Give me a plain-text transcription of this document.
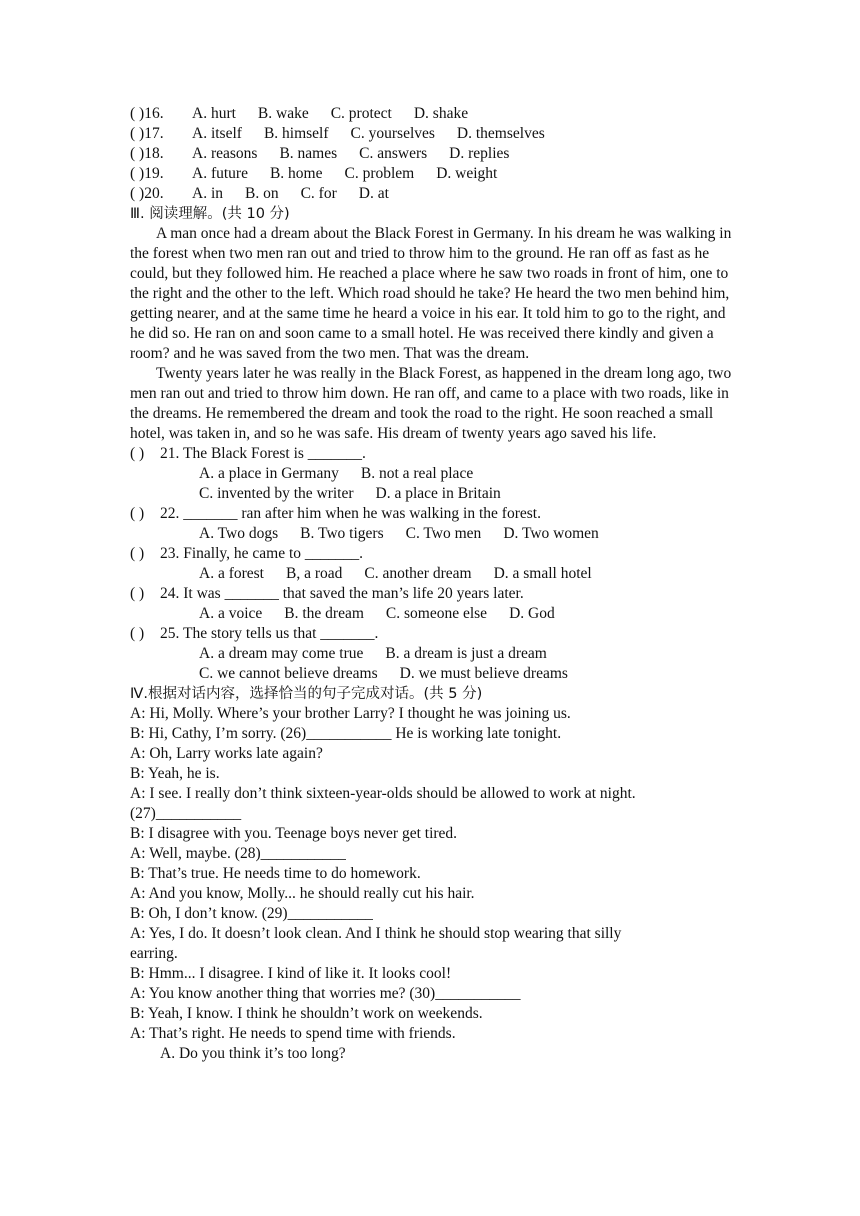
( )16. A. hurt B. wake C. protect D. shake
( )17. A. itself B. himself C. yourselves D. themselves
( )18. A. reasons B. names C. answers D. replies
( )19. A. future B. home C. problem D. weight
( )20. A. in B. on C. for D. at
Ⅲ. 阅读理解。(共 10 分)
A man once had a dream about the Black Forest in Germany. In his dream he was walking in the forest when two men ran out and tried to throw him to the ground. He ran off as fast as he could, but they followed him. He reached a place where he saw two roads in front of him, one to the right and the other to the left. Which road should he take? He heard the two men behind him, getting nearer, and at the same time he heard a voice in his ear. It told him to go to the right, and he did so. He ran on and soon came to a small hotel. He was received there kindly and given a room? and he was saved from the two men. That was the dream.
Twenty years later he was really in the Black Forest, as happened in the dream long ago, two men ran out and tried to throw him down. He ran off, and came to a place with two roads, like in the dreams. He remembered the dream and took the road to the right. He soon reached a small hotel, was taken in, and so he was safe. His dream of twenty years ago saved his life.
( ) 21. The Black Forest is _______.
A. a place in Germany B. not a real place
C. invented by the writer D. a place in Britain
( ) 22. _______ ran after him when he was walking in the forest.
A. Two dogs B. Two tigers C. Two men D. Two women
( ) 23. Finally, he came to _______.
A. a forest B, a road C. another dream D. a small hotel
( ) 24. It was _______ that saved the man’s life 20 years later.
A. a voice B. the dream C. someone else D. God
( ) 25. The story tells us that _______.
A. a dream may come true B. a dream is just a dream
C. we cannot believe dreams D. we must believe dreams
Ⅳ.根据对话内容，选择恰当的句子完成对话。(共 5 分)
A: Hi, Molly. Where’s your brother Larry? I thought he was joining us.
B: Hi, Cathy, I’m sorry. (26)___________ He is working late tonight.
A: Oh, Larry works late again?
B: Yeah, he is.
A: I see. I really don’t think sixteen-year-olds should be allowed to work at night.
(27)___________
B: I disagree with you. Teenage boys never get tired.
A: Well, maybe. (28)___________
B: That’s true. He needs time to do homework.
A: And you know, Molly... he should really cut his hair.
B: Oh, I don’t know. (29)___________
A: Yes, I do. It doesn’t look clean. And I think he should stop wearing that silly
earring.
B: Hmm... I disagree. I kind of like it. It looks cool!
A: You know another thing that worries me? (30)___________
B: Yeah, I know. I think he shouldn’t work on weekends.
A: That’s right. He needs to spend time with friends.
A. Do you think it’s too long?
